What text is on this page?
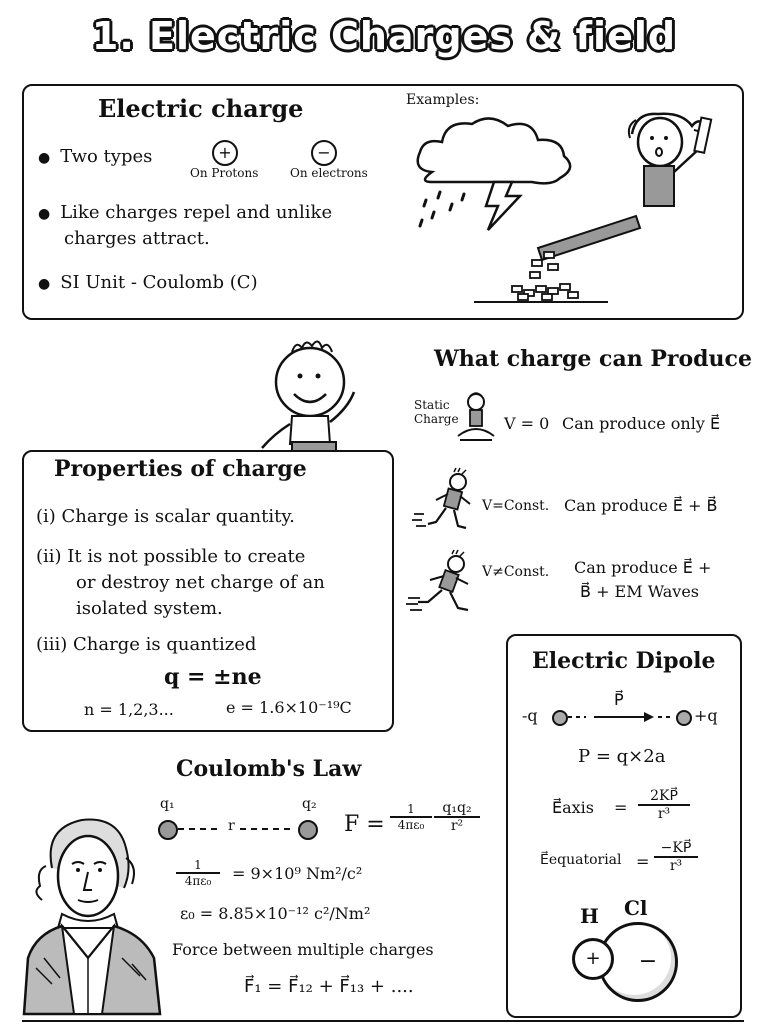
1. Electric Charges & field
Electric charge
● Two types	+
On Protons
−
On electrons
● Like charges repel and unlike
charges attract.
● SI Unit - Coulomb (C)
Examples:
What charge can Produce
Static
Charge	V = 0 Can produce only E⃗
V=Const. Can produce E⃗ + B⃗
V≠Const. Can produce E⃗ +
B⃗ + EM Waves
Properties of charge
(i) Charge is scalar quantity.
(ii) It is not possible to create
or destroy net charge of an
isolated system.
(iii) Charge is quantized
q = ±ne
n = 1,2,3...	e = 1.6×10⁻¹⁹C
Electric Dipole
-q
P⃗
+q
P = q×2a
E⃗axis = $\frac{2KP⃗}{\text{r³}}$
E⃗equatorial = $\frac{-KP⃗}{\text{r³}}$
H Cl
−
+
Coulomb's Law
q₁
r
q₂
$F = \frac{1}{\text{4πε₀}} \frac{\text{q₁q₂}}{\text{r²}}$
$\frac{1}{\text{4πε₀}} = 9\times 10^9$ Nm²/c²
ε₀ = 8.85×10⁻¹² c²/Nm²
Force between multiple charges
F⃗₁ = F⃗₁₂ + F⃗₁₃ + ....
